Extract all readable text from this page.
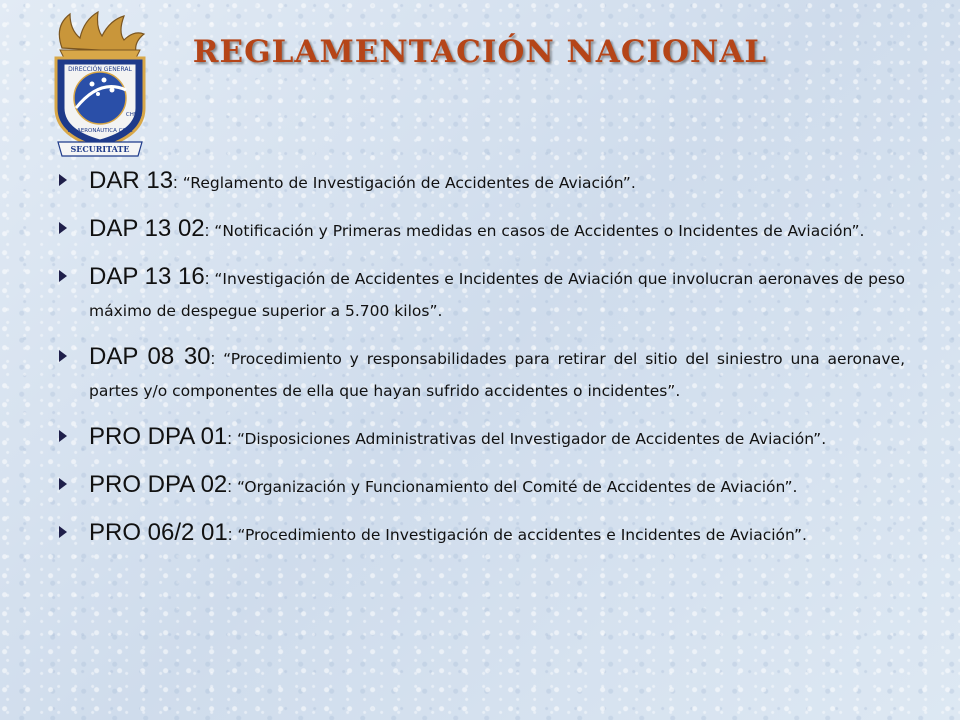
DIRECCIÓN GENERAL
CHILE
DE AERONÁUTICA CIVIL
SECURITATE
REGLAMENTACIÓN NACIONAL
DAR 13: “Reglamento de Investigación de Accidentes de Aviación”.
DAP 13 02: “Notificación y Primeras medidas en casos de Accidentes o Incidentes de Aviación”.
DAP 13 16: “Investigación de Accidentes e Incidentes de Aviación que involucran aeronaves de peso máximo de despegue superior a 5.700 kilos”.
DAP 08 30: “Procedimiento y responsabilidades para retirar del sitio del siniestro una aeronave, partes y/o componentes de ella que hayan sufrido accidentes o incidentes”.
PRO DPA 01: “Disposiciones Administrativas del Investigador de Accidentes de Aviación”.
PRO DPA 02: “Organización y Funcionamiento del Comité de Accidentes de Aviación”.
PRO 06/2 01: “Procedimiento de Investigación de accidentes e Incidentes de Aviación”.
